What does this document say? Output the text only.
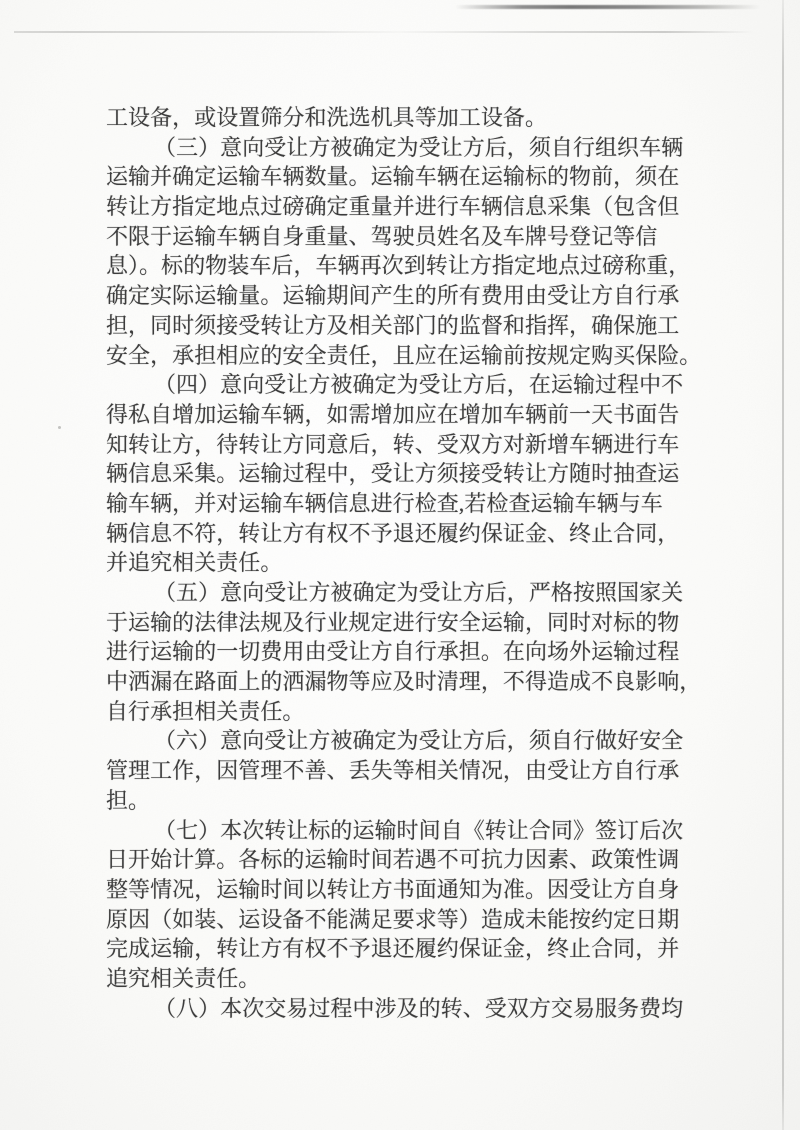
工设备，或设置筛分和洗选机具等加工设备。
（三）意向受让方被确定为受让方后，须自行组织车辆
运输并确定运输车辆数量。运输车辆在运输标的物前，须在
转让方指定地点过磅确定重量并进行车辆信息采集（包含但
不限于运输车辆自身重量、驾驶员姓名及车牌号登记等信
息）。标的物装车后，车辆再次到转让方指定地点过磅称重，
确定实际运输量。运输期间产生的所有费用由受让方自行承
担，同时须接受转让方及相关部门的监督和指挥，确保施工
安全，承担相应的安全责任，且应在运输前按规定购买保险。
（四）意向受让方被确定为受让方后，在运输过程中不
得私自增加运输车辆，如需增加应在增加车辆前一天书面告
知转让方，待转让方同意后，转、受双方对新增车辆进行车
辆信息采集。运输过程中，受让方须接受转让方随时抽查运
输车辆，并对运输车辆信息进行检查,若检查运输车辆与车
辆信息不符，转让方有权不予退还履约保证金、终止合同，
并追究相关责任。
（五）意向受让方被确定为受让方后，严格按照国家关
于运输的法律法规及行业规定进行安全运输，同时对标的物
进行运输的一切费用由受让方自行承担。在向场外运输过程
中洒漏在路面上的洒漏物等应及时清理，不得造成不良影响，
自行承担相关责任。
（六）意向受让方被确定为受让方后，须自行做好安全
管理工作，因管理不善、丢失等相关情况，由受让方自行承
担。
（七）本次转让标的运输时间自《转让合同》签订后次
日开始计算。各标的运输时间若遇不可抗力因素、政策性调
整等情况，运输时间以转让方书面通知为准。因受让方自身
原因（如装、运设备不能满足要求等）造成未能按约定日期
完成运输，转让方有权不予退还履约保证金，终止合同，并
追究相关责任。
（八）本次交易过程中涉及的转、受双方交易服务费均
